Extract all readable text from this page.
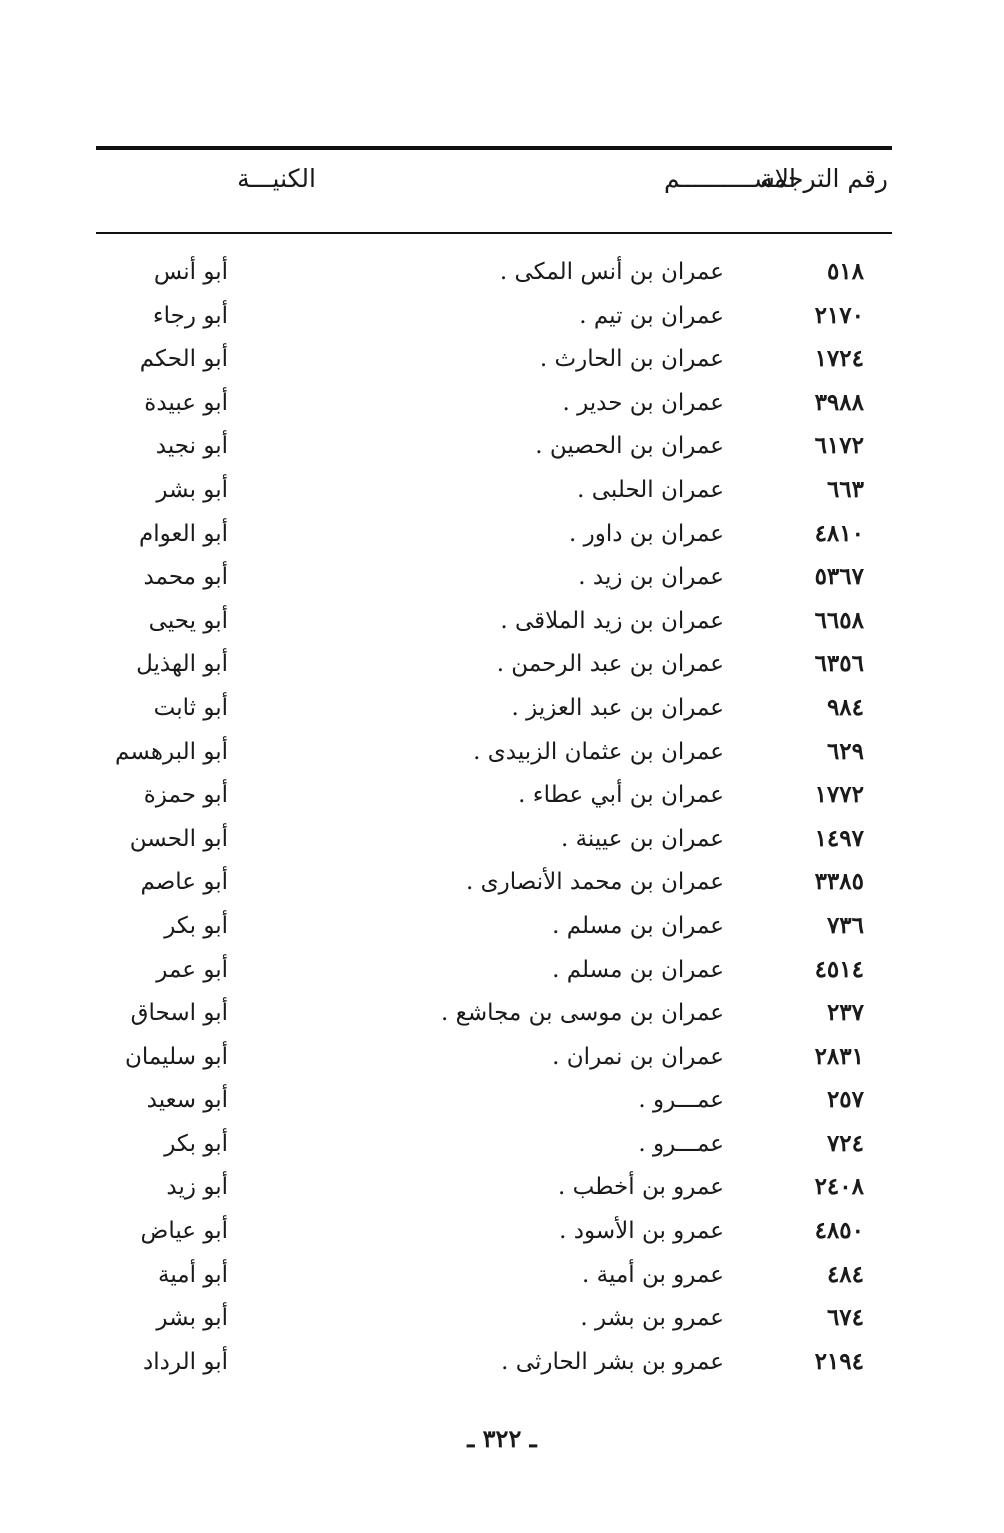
رقم الترجمة
الاســــــــــم
الكنيـــة
٥١٨
عمران بن أنس المكى .
أبو أنس
٢١٧٠
عمران بن تيم .
أبو رجاء
١٧٢٤
عمران بن الحارث .
أبو الحكم
٣٩٨٨
عمران بن حدير .
أبو عبيدة
٦١٧٢
عمران بن الحصين .
أبو نجيد
٦٦٣
عمران الحلبى .
أبو بشر
٤٨١٠
عمران بن داور .
أبو العوام
٥٣٦٧
عمران بن زيد .
أبو محمد
٦٦٥٨
عمران بن زيد الملاقى .
أبو يحيى
٦٣٥٦
عمران بن عبد الرحمن .
أبو الهذيل
٩٨٤
عمران بن عبد العزيز .
أبو ثابت
٦٢٩
عمران بن عثمان الزبيدى .
أبو البرهسم
١٧٧٢
عمران بن أبي عطاء .
أبو حمزة
١٤٩٧
عمران بن عيينة .
أبو الحسن
٣٣٨٥
عمران بن محمد الأنصارى .
أبو عاصم
٧٣٦
عمران بن مسلم .
أبو بكر
٤٥١٤
عمران بن مسلم .
أبو عمر
٢٣٧
عمران بن موسى بن مجاشع .
أبو اسحاق
٢٨٣١
عمران بن نمران .
أبو سليمان
٢٥٧
عمـــرو .
أبو سعيد
٧٢٤
عمـــرو .
أبو بكر
٢٤٠٨
عمرو بن أخطب .
أبو زيد
٤٨٥٠
عمرو بن الأسود .
أبو عياض
٤٨٤
عمرو بن أمية .
أبو أمية
٦٧٤
عمرو بن بشر .
أبو بشر
٢١٩٤
عمرو بن بشر الحارثى .
أبو الرداد
ـ ٣٢٢ ـ
